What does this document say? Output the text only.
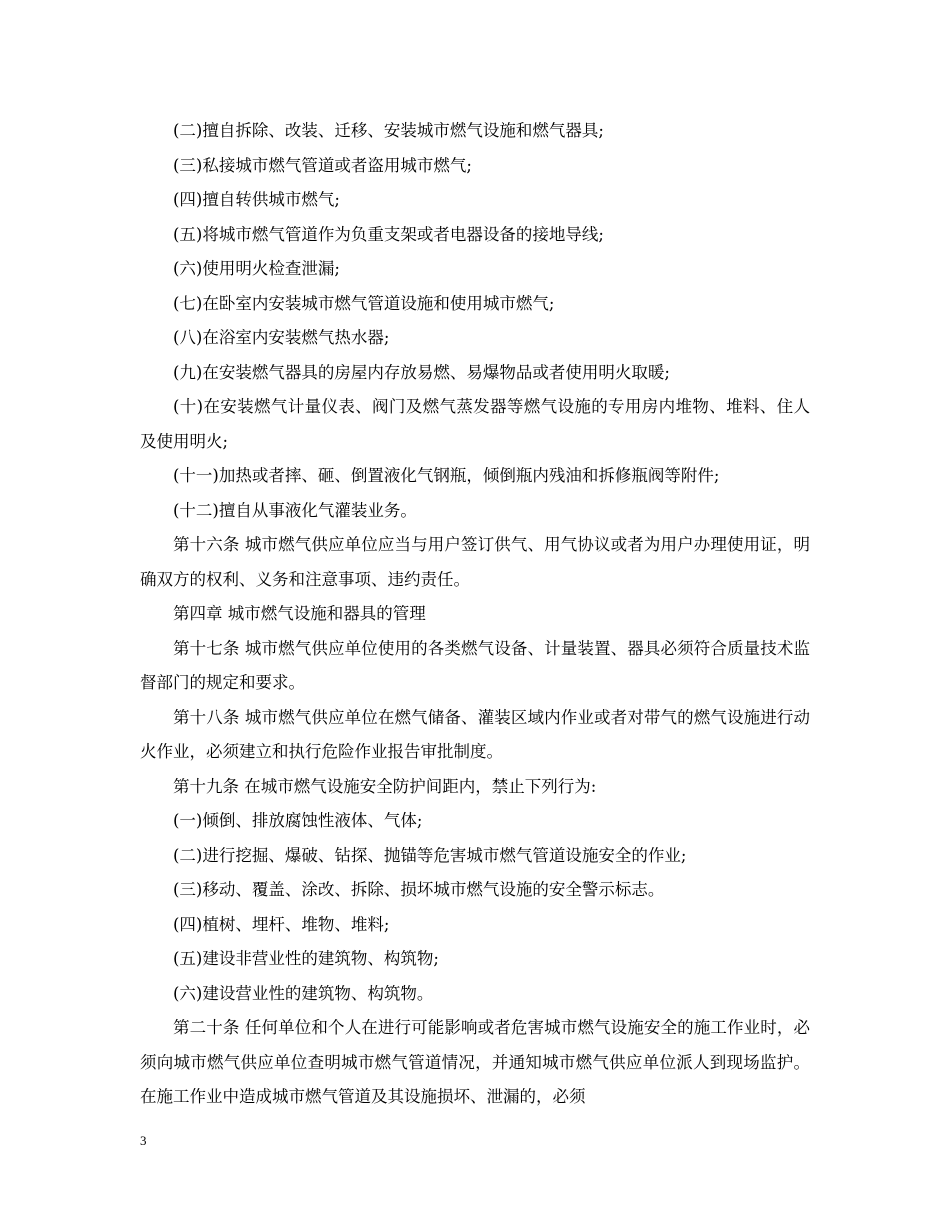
(二)擅自拆除、改装、迁移、安装城市燃气设施和燃气器具;

(三)私接城市燃气管道或者盗用城市燃气;

(四)擅自转供城市燃气;

(五)将城市燃气管道作为负重支架或者电器设备的接地导线;

(六)使用明火检查泄漏;

(七)在卧室内安装城市燃气管道设施和使用城市燃气;

(八)在浴室内安装燃气热水器;

(九)在安装燃气器具的房屋内存放易燃、易爆物品或者使用明火取暖;

(十)在安装燃气计量仪表、阀门及燃气蒸发器等燃气设施的专用房内堆物、堆料、住人及使用明火;

(十一)加热或者摔、砸、倒置液化气钢瓶，倾倒瓶内残油和拆修瓶阀等附件;

(十二)擅自从事液化气灌装业务。

第十六条 城市燃气供应单位应当与用户签订供气、用气协议或者为用户办理使用证，明确双方的权利、义务和注意事项、违约责任。

第四章 城市燃气设施和器具的管理

第十七条 城市燃气供应单位使用的各类燃气设备、计量装置、器具必须符合质量技术监督部门的规定和要求。

第十八条 城市燃气供应单位在燃气储备、灌装区域内作业或者对带气的燃气设施进行动火作业，必须建立和执行危险作业报告审批制度。

第十九条 在城市燃气设施安全防护间距内，禁止下列行为:

(一)倾倒、排放腐蚀性液体、气体;

(二)进行挖掘、爆破、钻探、抛锚等危害城市燃气管道设施安全的作业;

(三)移动、覆盖、涂改、拆除、损坏城市燃气设施的安全警示标志。

(四)植树、埋杆、堆物、堆料;

(五)建设非营业性的建筑物、构筑物;

(六)建设营业性的建筑物、构筑物。

第二十条 任何单位和个人在进行可能影响或者危害城市燃气设施安全的施工作业时，必须向城市燃气供应单位查明城市燃气管道情况，并通知城市燃气供应单位派人到现场监护。在施工作业中造成城市燃气管道及其设施损坏、泄漏的，必须

3
